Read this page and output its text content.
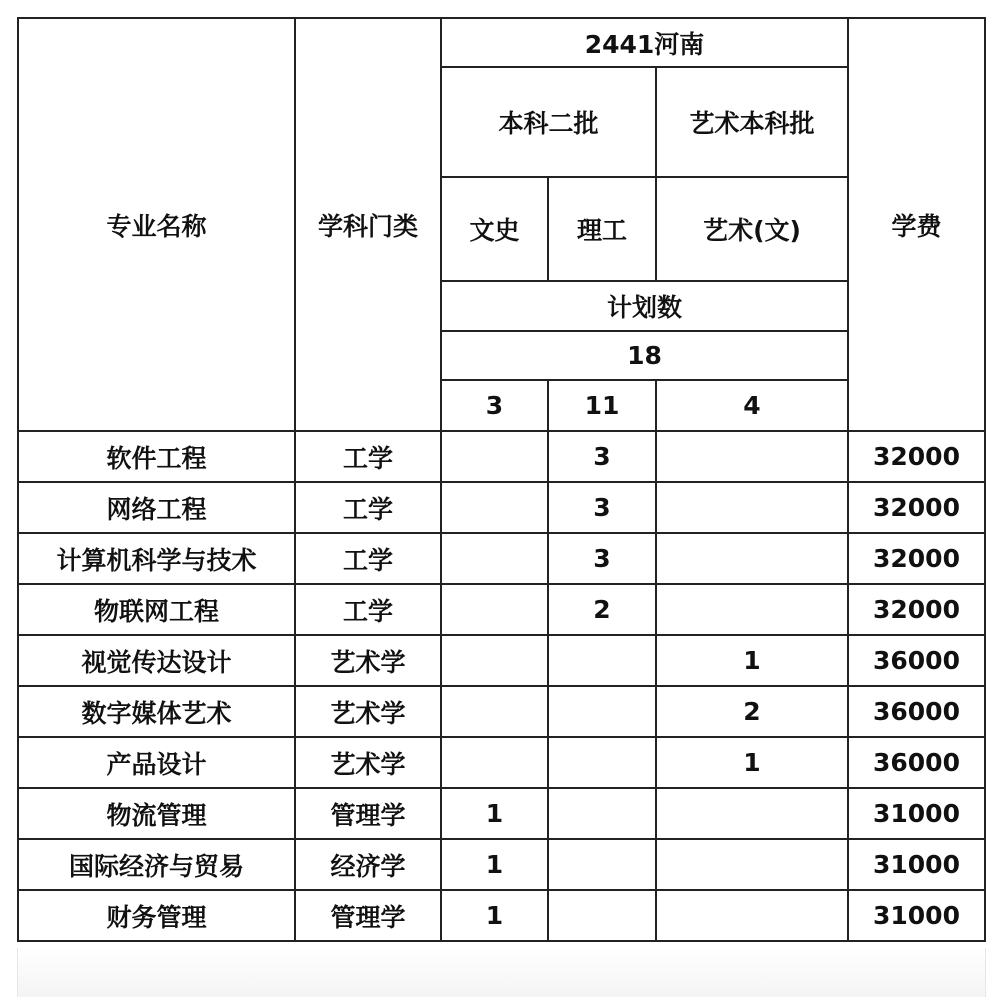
专业名称	学科门类	2441河南			学费
		本科二批		艺术本科批	
		文史	理工	艺术(文)	
		计划数			
		18			
		3	11	4	

软件工程	工学		3		32000
网络工程	工学		3		32000
计算机科学与技术	工学		3		32000
物联网工程	工学		2		32000
视觉传达设计	艺术学			1	36000
数字媒体艺术	艺术学			2	36000
产品设计	艺术学			1	36000
物流管理	管理学	1			31000
国际经济与贸易	经济学	1			31000
财务管理	管理学	1			31000
